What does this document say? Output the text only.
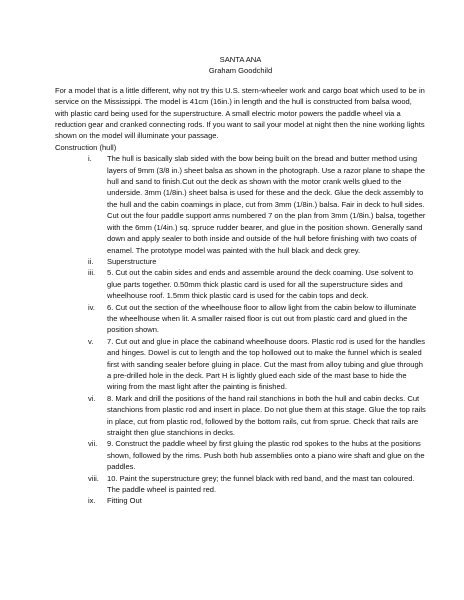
SANTA ANA

Graham Goodchild

For a model that is a little different, why not try this U.S. stern-wheeler work and cargo boat which used to be in service on the Mississippi. The model is 41cm (16in.) in length and the hull is constructed from balsa wood, with plastic card being used for the superstructure. A small electric motor powers the paddle wheel via a reduction gear and cranked connecting rods. If you want to sail your model at night then the nine working lights shown on the model will illuminate your passage.

Construction (hull)

i.	The hull is basically slab sided with the bow being built on the bread and butter method using layers of 9mm (3/8 in.) sheet balsa as shown in the photograph. Use a razor plane to shape the hull and sand to finish.Cut out the deck as shown with the motor crank wells glued to the underside. 3mm (1/8in.) sheet balsa is used for these and the deck. Glue the deck assembly to the hull and the cabin coamings in place, cut from 3mm (1/8in.) balsa. Fair in deck to hull sides. Cut out the four paddle support arms numbered 7 on the plan from 3mm (1/8in.) balsa, together with the 6mm (1/4in.) sq. spruce rudder bearer, and glue in the position shown. Generally sand down and apply sealer to both inside and outside of the hull before finishing with two coats of enamel. The prototype model was painted with the hull black and deck grey.
ii.	Superstructure
iii.	5. Cut out the cabin sides and ends and assemble around the deck coaming. Use solvent to glue parts together. 0.50mm thick plastic card is used for all the superstructure sides and wheelhouse roof. 1.5mm thick plastic card is used for the cabin tops and deck.
iv.	6. Cut out the section of the wheelhouse floor to allow light from the cabin below to illuminate the wheelhouse when lit. A smaller raised floor is cut out from plastic card and glued in the position shown.
v.	7. Cut out and glue in place the cabinand wheelhouse doors. Plastic rod is used for the handles and hinges. Dowel is cut to length and the top hollowed out to make the funnel which is sealed first with sanding sealer before gluing in place. Cut the mast from alloy tubing and glue through a pre-drilled hole in the deck. Part H is lightly glued each side of the mast base to hide the wiring from the mast light after the painting is finished.
vi.	8. Mark and drill the positions of the hand rail stanchions in both the hull and cabin decks. Cut stanchions from plastic rod and insert in place. Do not glue them at this stage. Glue the top rails in place, cut from plastic rod, followed by the bottom rails, cut from sprue. Check that rails are straight then glue stanchions in decks.
vii.	9. Construct the paddle wheel by first gluing the plastic rod spokes to the hubs at the positions shown, followed by the rims. Push both hub assemblies onto a piano wire shaft and glue on the paddles.
viii.	10. Paint the superstructure grey; the funnel black with red band, and the mast tan coloured. The paddle wheel is painted red.
ix.	Fitting Out
